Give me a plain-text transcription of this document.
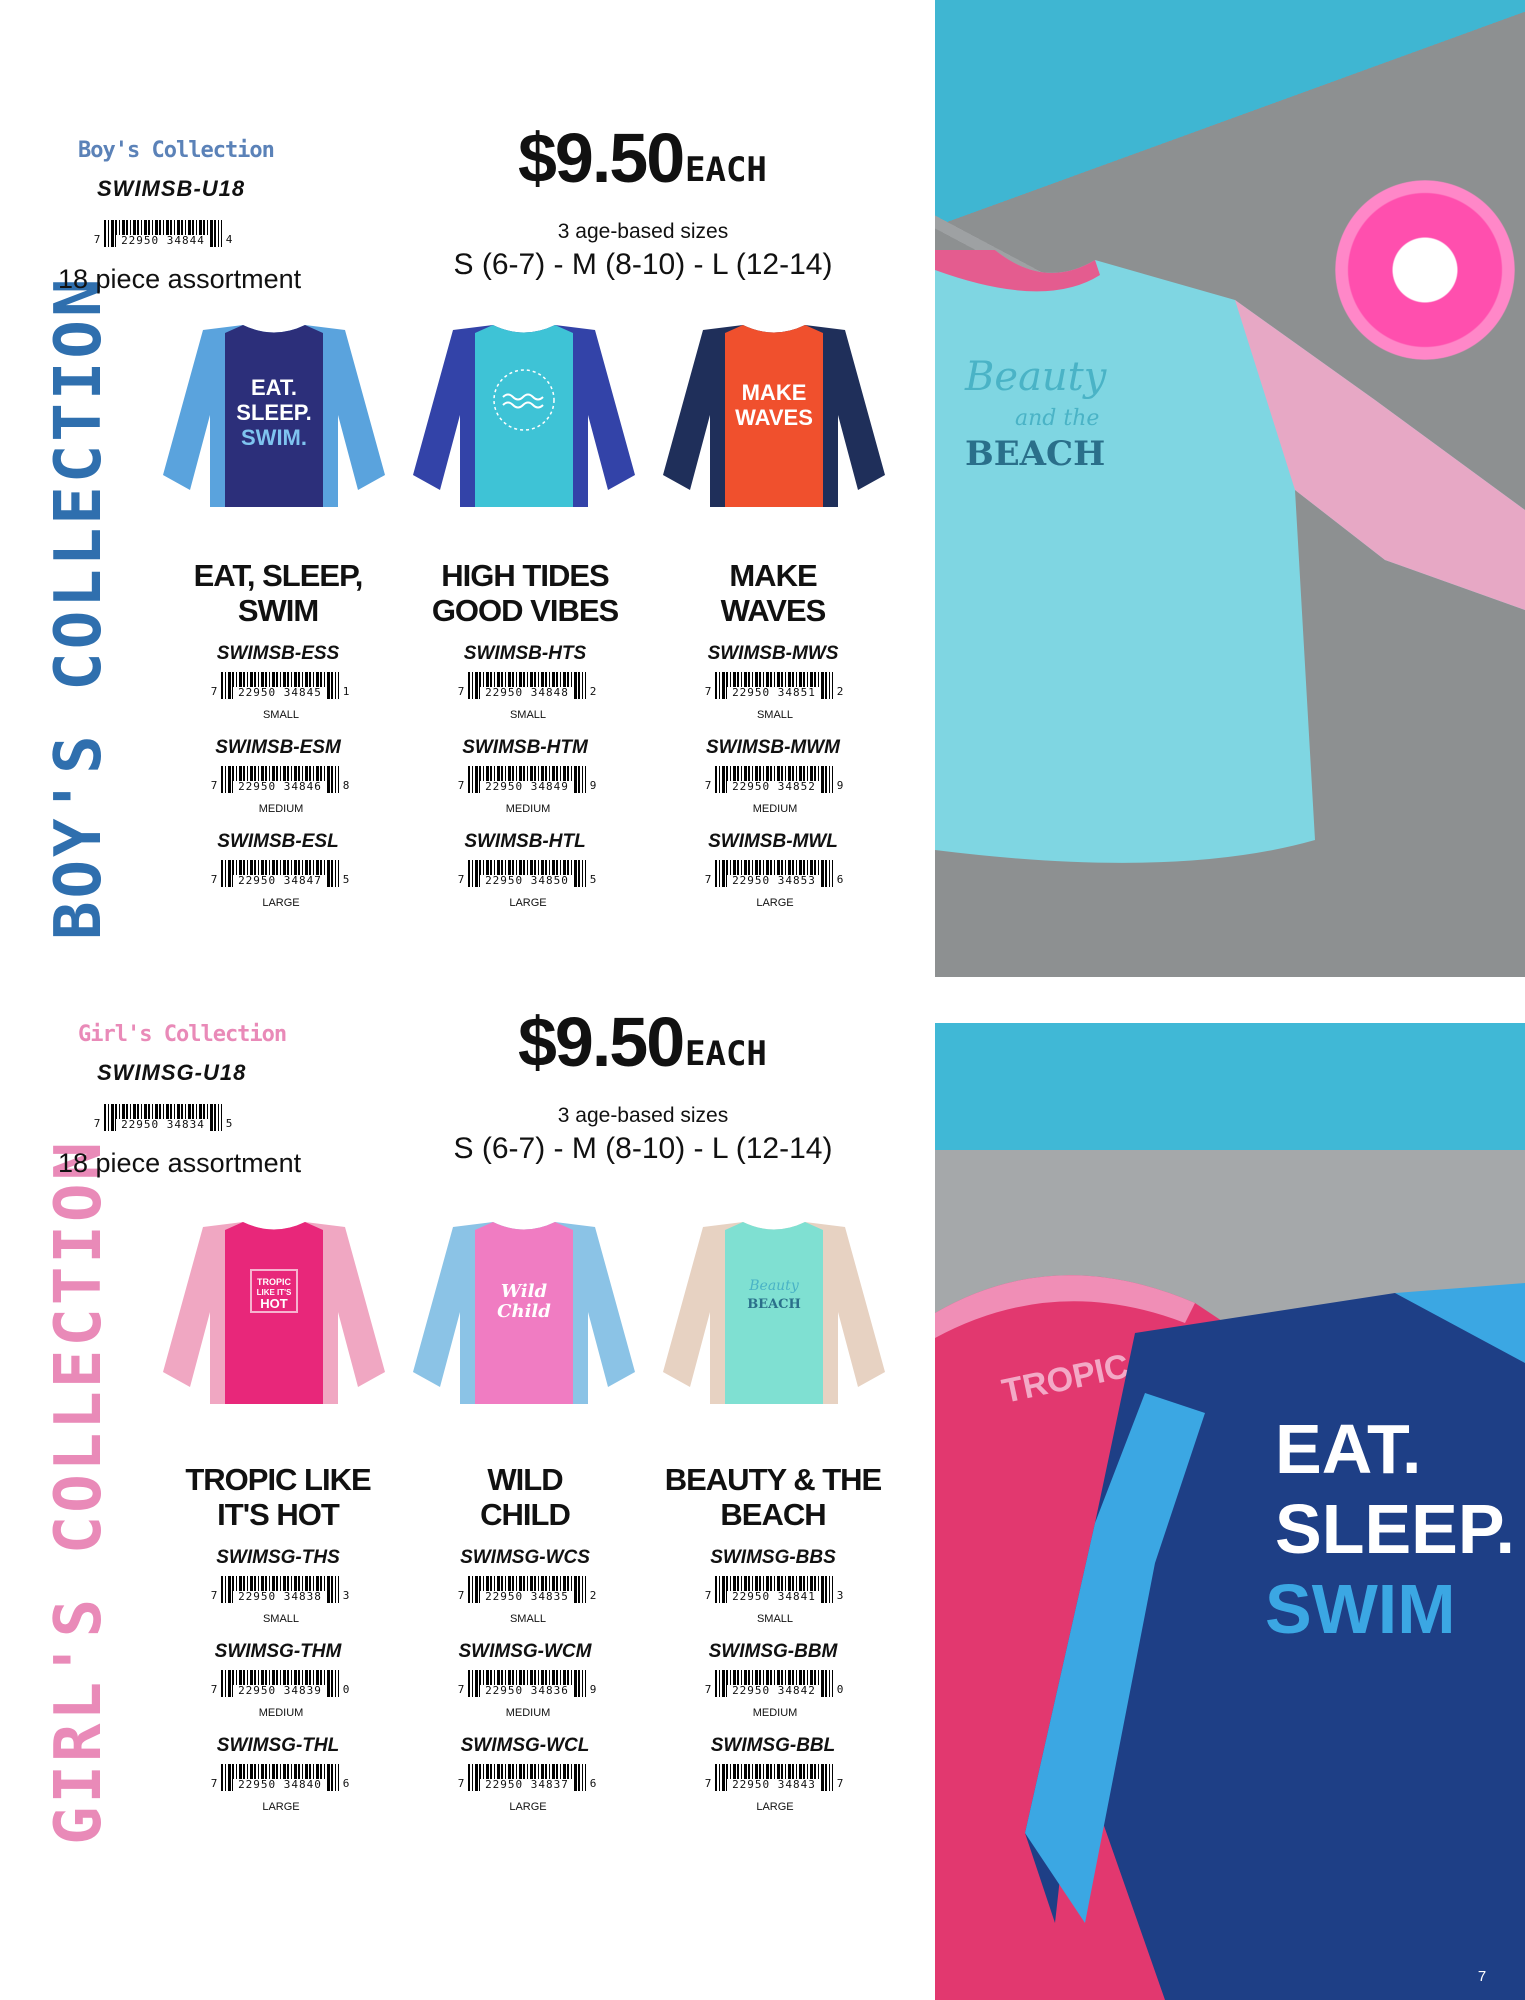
Beauty
and the
BEACH
TROPIC
EAT.
SLEEP.
SWIM
7
BOY'S COLLECTION
Boy's Collection
SWIMSB-U18
7	22950 34844	4
18 piece assortment
$9.50 EACH
3 age-based sizes
S (6-7) - M (8-10) - L (12-14)
EAT.
SLEEP.
SWIM.
MAKE
WAVES
EAT, SLEEP,
SWIM
SWIMSB-ESS
7	22950 34845	1
SMALL
SWIMSB-ESM
7	22950 34846	8
MEDIUM
SWIMSB-ESL
7	22950 34847	5
LARGE
HIGH TIDES
GOOD VIBES
SWIMSB-HTS
7	22950 34848	2
SMALL
SWIMSB-HTM
7	22950 34849	9
MEDIUM
SWIMSB-HTL
7	22950 34850	5
LARGE
MAKE
WAVES
SWIMSB-MWS
7	22950 34851	2
SMALL
SWIMSB-MWM
7	22950 34852	9
MEDIUM
SWIMSB-MWL
7	22950 34853	6
LARGE
GIRL'S COLLECTION
Girl's Collection
SWIMSG-U18
7	22950 34834	5
18 piece assortment
$9.50 EACH
3 age-based sizes
S (6-7) - M (8-10) - L (12-14)
TROPIC
LIKE IT'S
HOT
Wild
Child
Beauty
BEACH
TROPIC LIKE
IT'S HOT
SWIMSG-THS
7	22950 34838	3
SMALL
SWIMSG-THM
7	22950 34839	0
MEDIUM
SWIMSG-THL
7	22950 34840	6
LARGE
WILD
CHILD
SWIMSG-WCS
7	22950 34835	2
SMALL
SWIMSG-WCM
7	22950 34836	9
MEDIUM
SWIMSG-WCL
7	22950 34837	6
LARGE
BEAUTY & THE
BEACH
SWIMSG-BBS
7	22950 34841	3
SMALL
SWIMSG-BBM
7	22950 34842	0
MEDIUM
SWIMSG-BBL
7	22950 34843	7
LARGE
